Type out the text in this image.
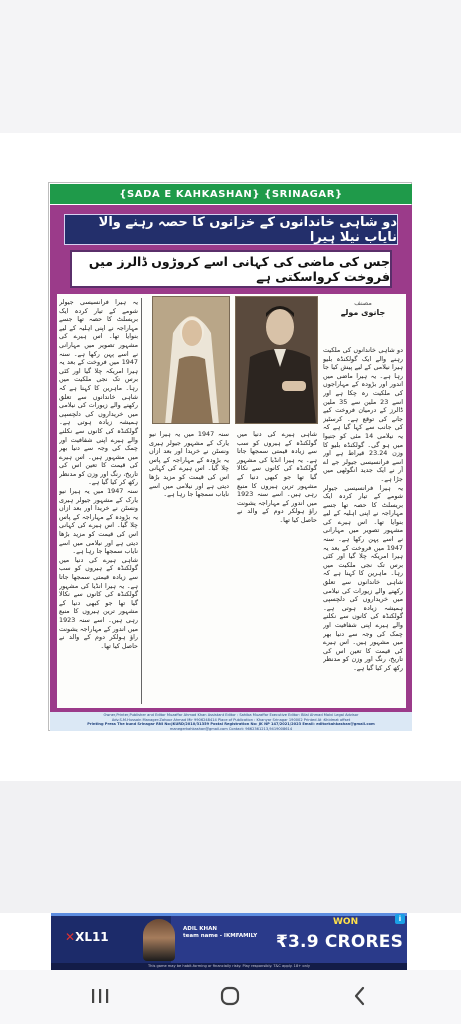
{SADA E KAHKASHAN} {SRINAGAR}
دو شاہی خاندانوں کے خزانوں کا حصہ رہنے والا نایاب نیلا ہیرا
جس کی ماضی کی کہانی اسے کروڑوں ڈالرز میں فروخت کرواسکتی ہے

یہ ہیرا فرانسیسی جیولر شومے کے تیار کردہ ایک بریسلٹ کا حصہ تھا جسے مہاراجہ نے اپنی اہلیہ کے لیے بنوایا تھا۔ اس ہیرے کی مشہور تصویر میں مہارانی نے اسے پہن رکھا ہے۔ سنہ 1947 میں فروخت کے بعد یہ ہیرا امریکہ چلا گیا اور کئی برس تک نجی ملکیت میں رہا۔ ماہرین کا کہنا ہے کہ شاہی خاندانوں سے تعلق رکھنے والے زیورات کی نیلامی میں خریداروں کی دلچسپی ہمیشہ زیادہ ہوتی ہے۔ گولکنڈہ کی کانوں سے نکلنے والے ہیرے اپنی شفافیت اور چمک کی وجہ سے دنیا بھر میں مشہور ہیں۔ اس ہیرے کی قیمت کا تعین اس کی تاریخ، رنگ اور وزن کو مدنظر رکھ کر کیا گیا ہے۔

سنہ 1947 میں یہ ہیرا نیو یارک کے مشہور جیولر ہیری ونسٹن نے خریدا اور بعد ازاں یہ بڑودہ کے مہاراجہ کے پاس چلا گیا۔ اس ہیرے کی کہانی اس کی قیمت کو مزید بڑھا دیتی ہے اور نیلامی میں اسے نایاب سمجھا جا رہا ہے۔

شاہی ہیرے کی دنیا میں گولکنڈہ کے ہیروں کو سب سے زیادہ قیمتی سمجھا جاتا ہے۔ یہ ہیرا انڈیا کی مشہور گولکنڈہ کی کانوں سے نکالا گیا تھا جو کبھی دنیا کے مشہور ترین ہیروں کا منبع رہی ہیں۔ اسے سنہ 1923 میں اندور کے مہاراجہ یشونت راؤ ہولکر دوم کے والد نے حاصل کیا تھا۔

شاہی ہیرے کی دنیا میں گولکنڈہ کے ہیروں کو سب سے زیادہ قیمتی سمجھا جاتا ہے۔ یہ ہیرا انڈیا کی مشہور گولکنڈہ کی کانوں سے نکالا گیا تھا جو کبھی دنیا کے مشہور ترین ہیروں کا منبع رہی ہیں۔ اسے سنہ 1923 میں اندور کے مہاراجہ یشونت راؤ ہولکر دوم کے والد نے حاصل کیا تھا۔

سنہ 1947 میں یہ ہیرا نیو یارک کے مشہور جیولر ہیری ونسٹن نے خریدا اور بعد ازاں یہ بڑودہ کے مہاراجہ کے پاس چلا گیا۔ اس ہیرے کی کہانی اس کی قیمت کو مزید بڑھا دیتی ہے اور نیلامی میں اسے نایاب سمجھا جا رہا ہے۔

مصنف
جانوی مولے

دو شاہی خاندانوں کی ملکیت رہنے والے ایک گولکنڈہ بلیو ہیرا نیلامی کے لیے پیش کیا جا رہا ہے۔ یہ ہیرا ماضی میں اندور اور بڑودہ کے مہاراجوں کی ملکیت رہ چکا ہے اور اسے 23 ملین سے 35 ملین ڈالرز کے درمیان فروخت کیے جانے کی توقع ہے۔ کرسٹیز کی جانب سے کہا گیا ہے کہ یہ نیلامی 14 مئی کو جنیوا میں ہو گی۔ گولکنڈہ بلیو کا وزن 23.24 قیراط ہے اور اسے فرانسیسی جیولر جے اے آر نے ایک جدید انگوٹھی میں جڑا ہے۔

یہ ہیرا فرانسیسی جیولر شومے کے تیار کردہ ایک بریسلٹ کا حصہ تھا جسے مہاراجہ نے اپنی اہلیہ کے لیے بنوایا تھا۔ اس ہیرے کی مشہور تصویر میں مہارانی نے اسے پہن رکھا ہے۔ سنہ 1947 میں فروخت کے بعد یہ ہیرا امریکہ چلا گیا اور کئی برس تک نجی ملکیت میں رہا۔ ماہرین کا کہنا ہے کہ شاہی خاندانوں سے تعلق رکھنے والے زیورات کی نیلامی میں خریداروں کی دلچسپی ہمیشہ زیادہ ہوتی ہے۔ گولکنڈہ کی کانوں سے نکلنے والے ہیرے اپنی شفافیت اور چمک کی وجہ سے دنیا بھر میں مشہور ہیں۔ اس ہیرے کی قیمت کا تعین اس کی تاریخ، رنگ اور وزن کو مدنظر رکھ کر کیا گیا ہے۔

Owner,Printer,Publisher and Editor Muzaffar Ahmad Khan Assistant Editor : Sahiba Muzaffar Executive Editor: Bilal Ahmad Molvi Legal Advisor
Adv.S.M.Hussain Manager:Zahoor Ahmad Mir 9906248414 Place of Publication : Khanyar Srinagar 190002 Printed At :Khidmat offset
Printing Press The bund Srinagar RNI No:JKURD/2010/31359 Postal Registration No: JK NP 147/2021/2023 Email: editorkahkashan@gmail.com
manegerkahkashan@gmail.com Contact: 9662361213,9419008614
✕XL11
ADIL KHAN
team name - IKMFAMILY
WON
₹3.9 CRORES
i
This game may be habit-forming or financially risky. Play responsibly. T&C apply. 18+ only
